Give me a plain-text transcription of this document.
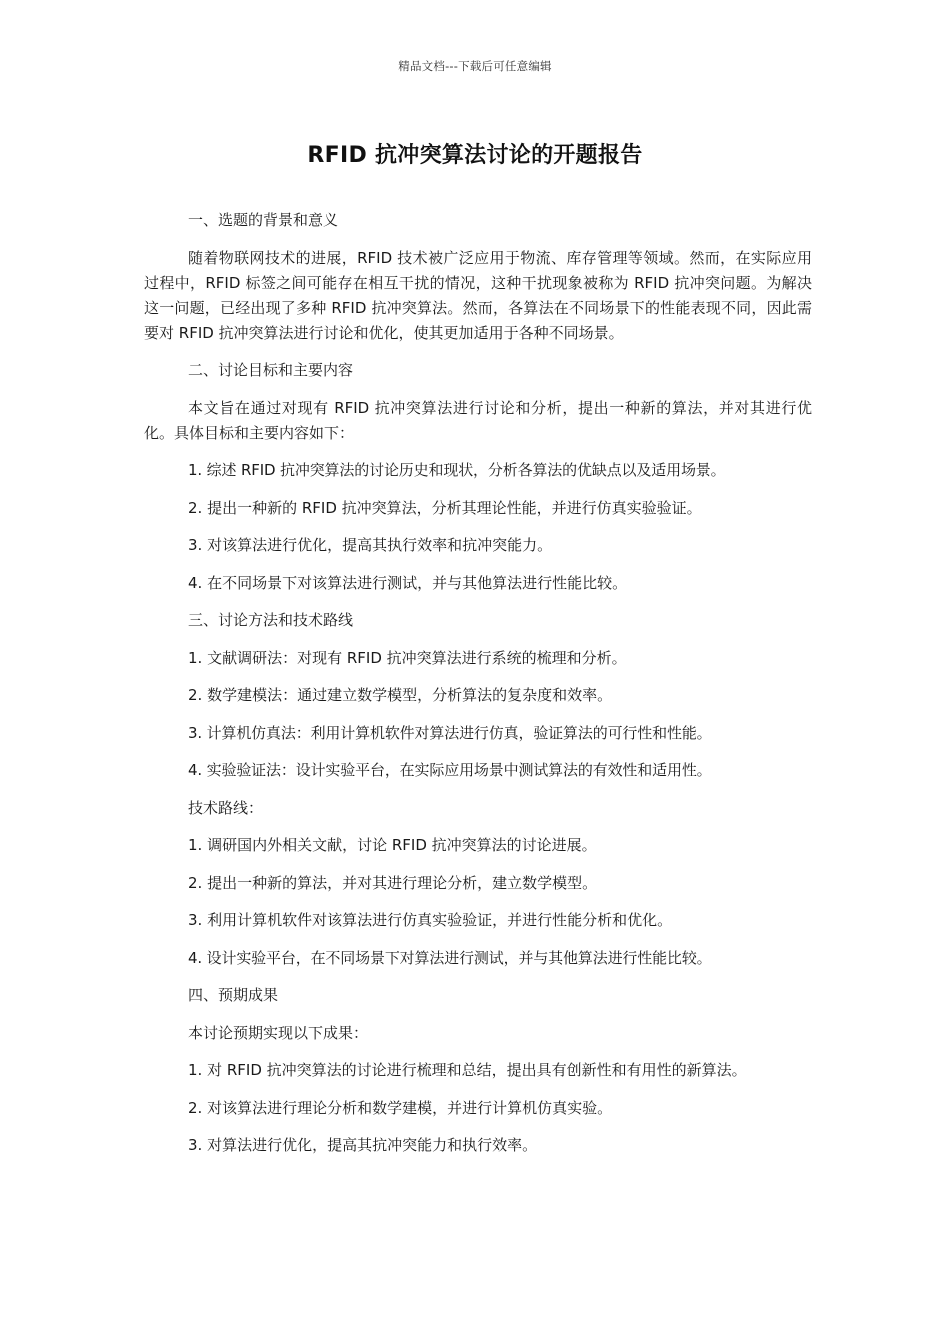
精品文档---下载后可任意编辑
RFID 抗冲突算法讨论的开题报告

一、选题的背景和意义

随着物联网技术的进展，RFID 技术被广泛应用于物流、库存管理等领域。然而，在实际应用过程中，RFID 标签之间可能存在相互干扰的情况，这种干扰现象被称为 RFID 抗冲突问题。为解决这一问题，已经出现了多种 RFID 抗冲突算法。然而，各算法在不同场景下的性能表现不同，因此需要对 RFID 抗冲突算法进行讨论和优化，使其更加适用于各种不同场景。

二、讨论目标和主要内容

本文旨在通过对现有 RFID 抗冲突算法进行讨论和分析，提出一种新的算法，并对其进行优化。具体目标和主要内容如下：

1. 综述 RFID 抗冲突算法的讨论历史和现状，分析各算法的优缺点以及适用场景。

2. 提出一种新的 RFID 抗冲突算法，分析其理论性能，并进行仿真实验验证。

3. 对该算法进行优化，提高其执行效率和抗冲突能力。

4. 在不同场景下对该算法进行测试，并与其他算法进行性能比较。

三、讨论方法和技术路线

1. 文献调研法：对现有 RFID 抗冲突算法进行系统的梳理和分析。

2. 数学建模法：通过建立数学模型，分析算法的复杂度和效率。

3. 计算机仿真法：利用计算机软件对算法进行仿真，验证算法的可行性和性能。

4. 实验验证法：设计实验平台，在实际应用场景中测试算法的有效性和适用性。

技术路线：

1. 调研国内外相关文献，讨论 RFID 抗冲突算法的讨论进展。

2. 提出一种新的算法，并对其进行理论分析，建立数学模型。

3. 利用计算机软件对该算法进行仿真实验验证，并进行性能分析和优化。

4. 设计实验平台，在不同场景下对算法进行测试，并与其他算法进行性能比较。

四、预期成果

本讨论预期实现以下成果：

1. 对 RFID 抗冲突算法的讨论进行梳理和总结，提出具有创新性和有用性的新算法。

2. 对该算法进行理论分析和数学建模，并进行计算机仿真实验。

3. 对算法进行优化，提高其抗冲突能力和执行效率。
